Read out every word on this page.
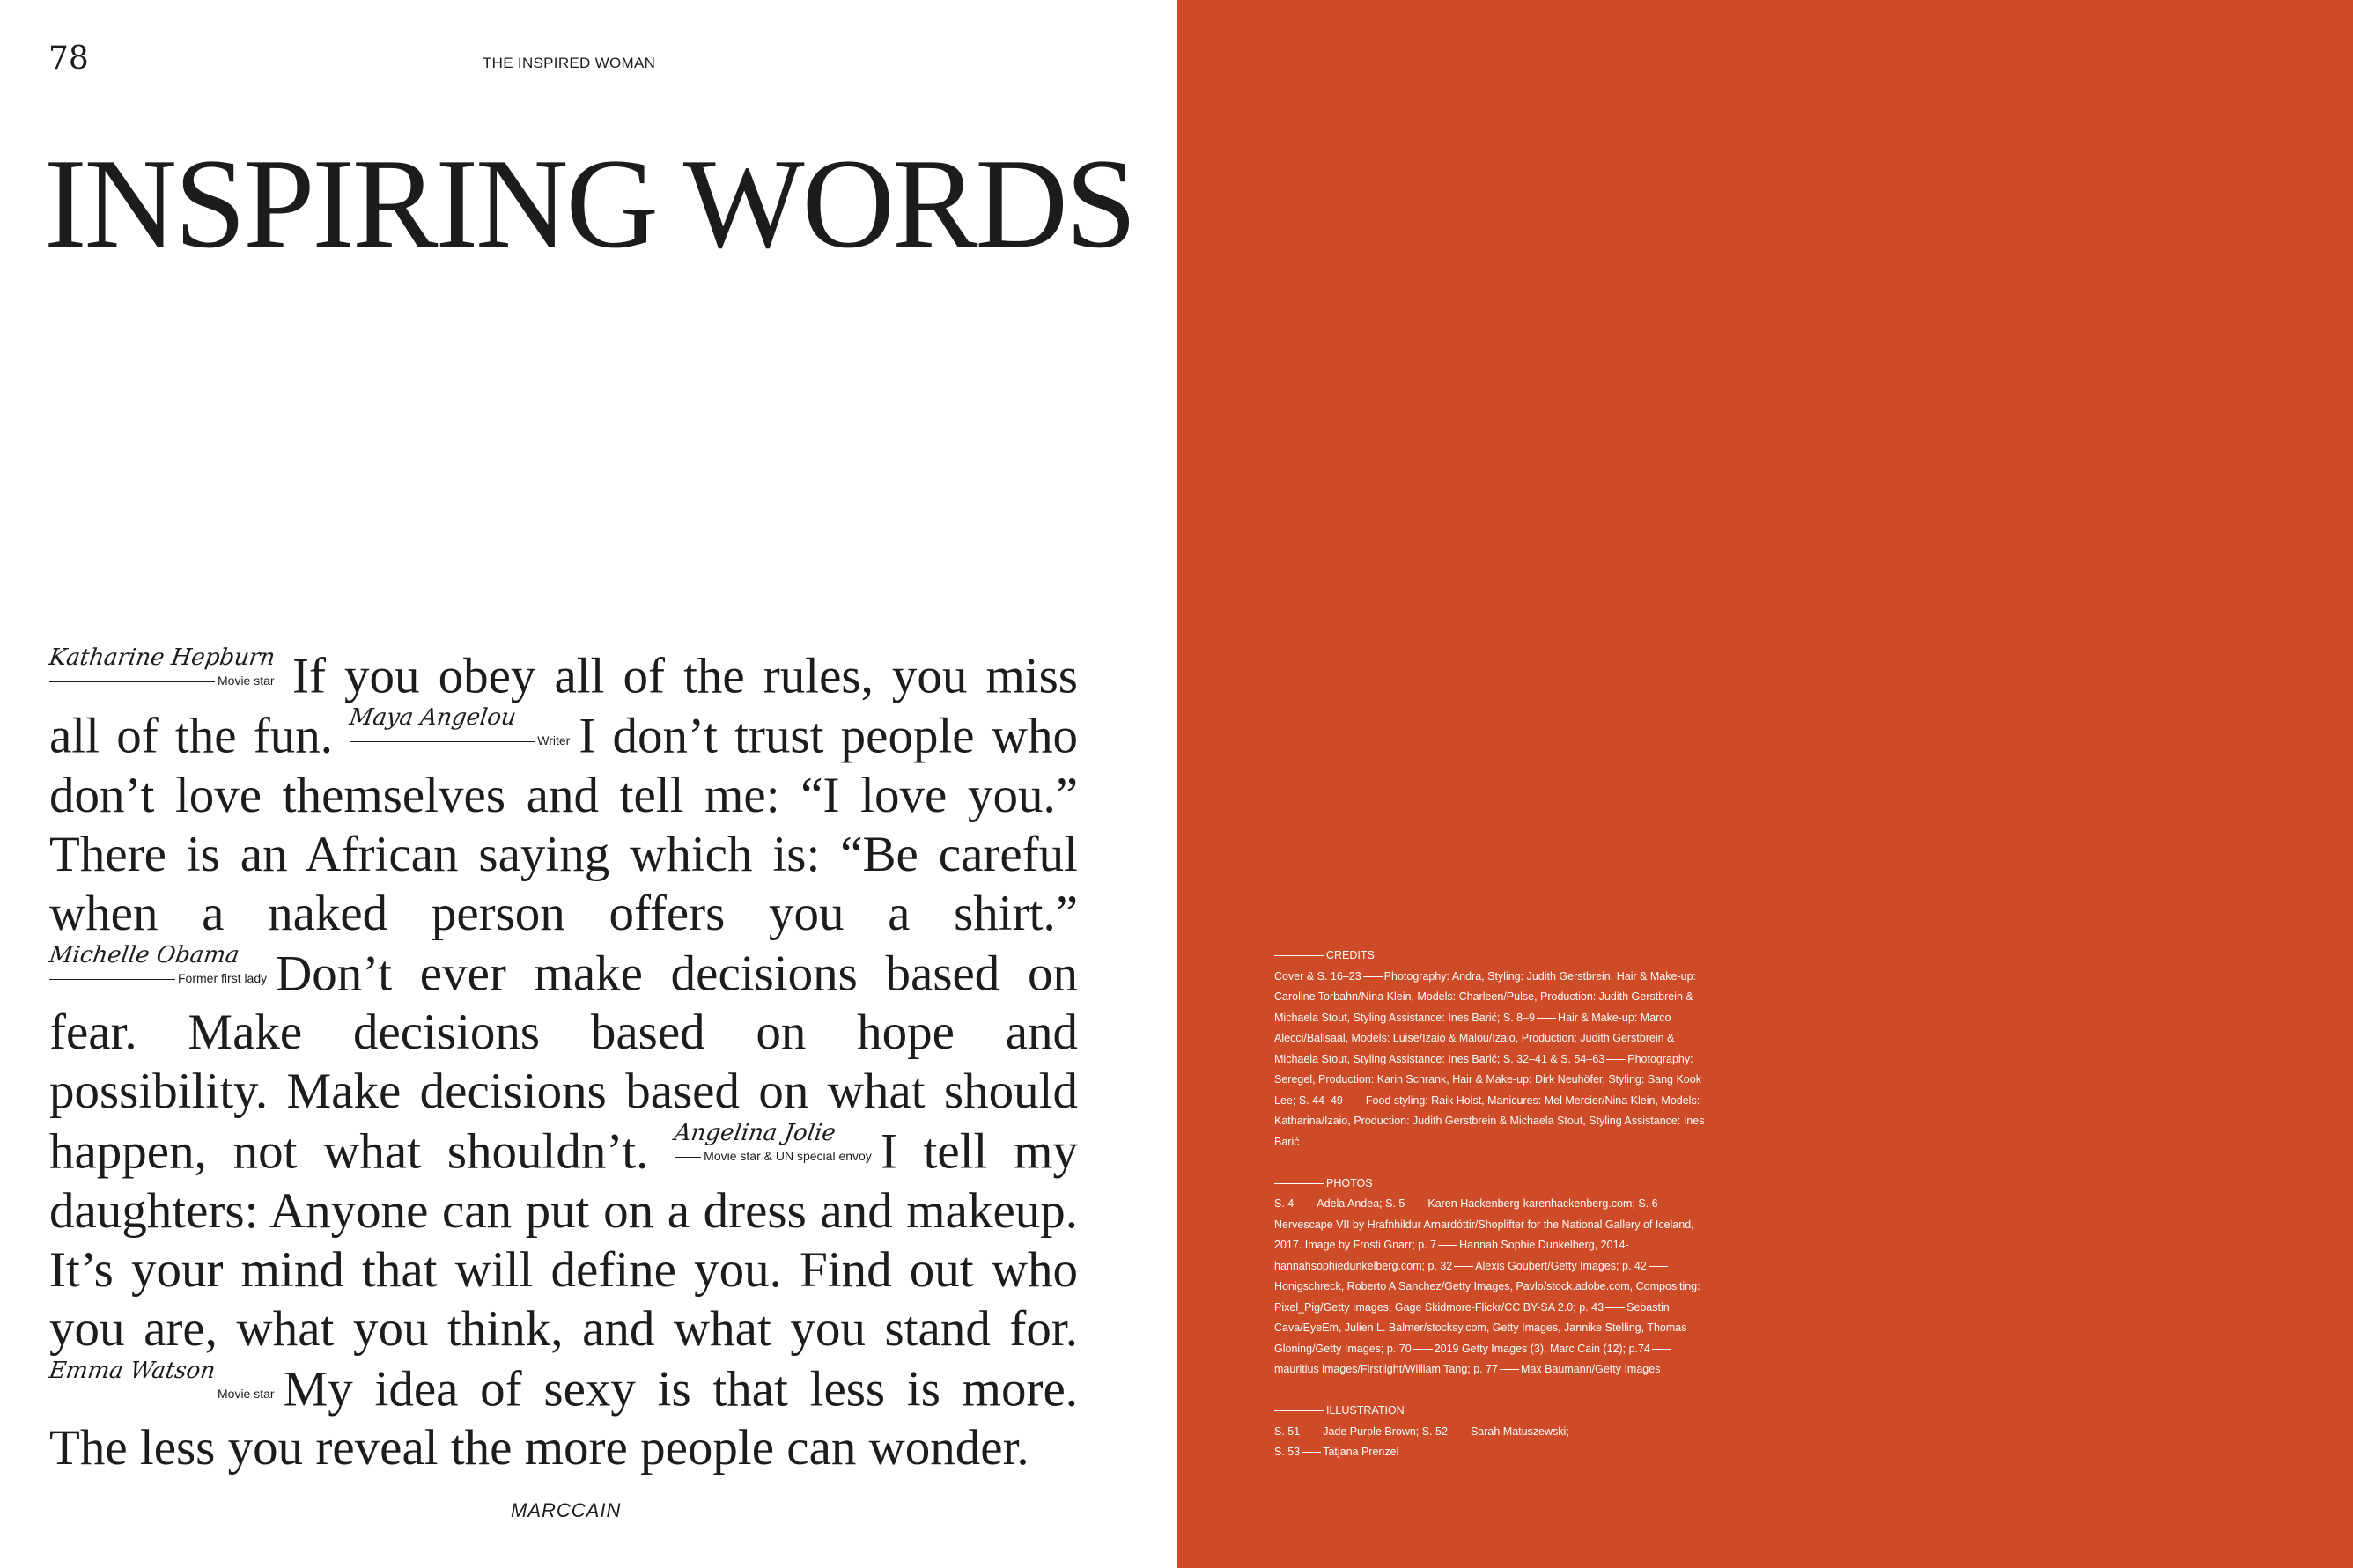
78	THE INSPIRED WOMAN
INSPIRING WORDS

Katharine Hepburn
Movie star If you obey all of the rules, you miss all of the fun. Maya Angelou
Writer I don’t trust people who don’t love themselves and tell me: “I love you.” There is an African saying which is: “Be careful when a naked person offers you a shirt.”
Michelle Obama
Former first lady Don’t ever make decisions based on fear. Make decisions based on hope and possibility. Make decisions based on what should happen, not what shouldn’t. Angelina Jolie
Movie star & UN special envoy I tell my daughters: Anyone can put on a dress and makeup. It’s your mind that will define you. Find out who you are, what you think, and what you stand for.
Emma Watson
Movie star My idea of sexy is that less is more. The less you reveal the more people can wonder.

MARCCAIN
CREDITS
Cover & S. 16–23 Photography: Andra, Styling: Judith Gerstbrein, Hair & Make-up: Caroline Torbahn/Nina Klein, Models: Charleen/Pulse, Production: Judith Gerstbrein & Michaela Stout, Styling Assistance: Ines Barić; S. 8–9 Hair & Make-up: Marco Alecci/Ballsaal, Models: Luise/Izaio & Malou/Izaio, Production: Judith Gerstbrein & Michaela Stout, Styling Assistance: Ines Barić; S. 32–41 & S. 54–63 Photography: Seregel, Production: Karin Schrank, Hair & Make-up: Dirk Neuhöfer, Styling: Sang Kook Lee; S. 44–49 Food styling: Raik Holst, Manicures: Mel Mercier/Nina Klein, Models: Katharina/Izaio, Production: Judith Gerstbrein & Michaela Stout, Styling Assistance: Ines Barić
PHOTOS
S. 4 Adela Andea; S. 5 Karen Hackenberg-karenhackenberg.com; S. 6Nervescape VII by Hrafnhildur Arnardóttir/Shoplifter for the National Gallery of Iceland, 2017. Image by Frosti Gnarr; p. 7 Hannah Sophie Dunkelberg, 2014-hannahsophiedunkelberg.com; p. 32 Alexis Goubert/Getty Images; p. 42Honigschreck, Roberto A Sanchez/Getty Images, Pavlo/stock.adobe.com, Compositing: Pixel_Pig/Getty Images, Gage Skidmore-Flickr/CC BY-SA 2.0; p. 43 Sebastin Cava/EyeEm, Julien L. Balmer/stocksy.com, Getty Images, Jannike Stelling, Thomas Gloning/Getty Images; p. 70 2019 Getty Images (3), Marc Cain (12); p.74mauritius images/Firstlight/William Tang; p. 77 Max Baumann/Getty Images
ILLUSTRATION
S. 51 Jade Purple Brown; S. 52 Sarah Matuszewski;
S. 53 Tatjana Prenzel
